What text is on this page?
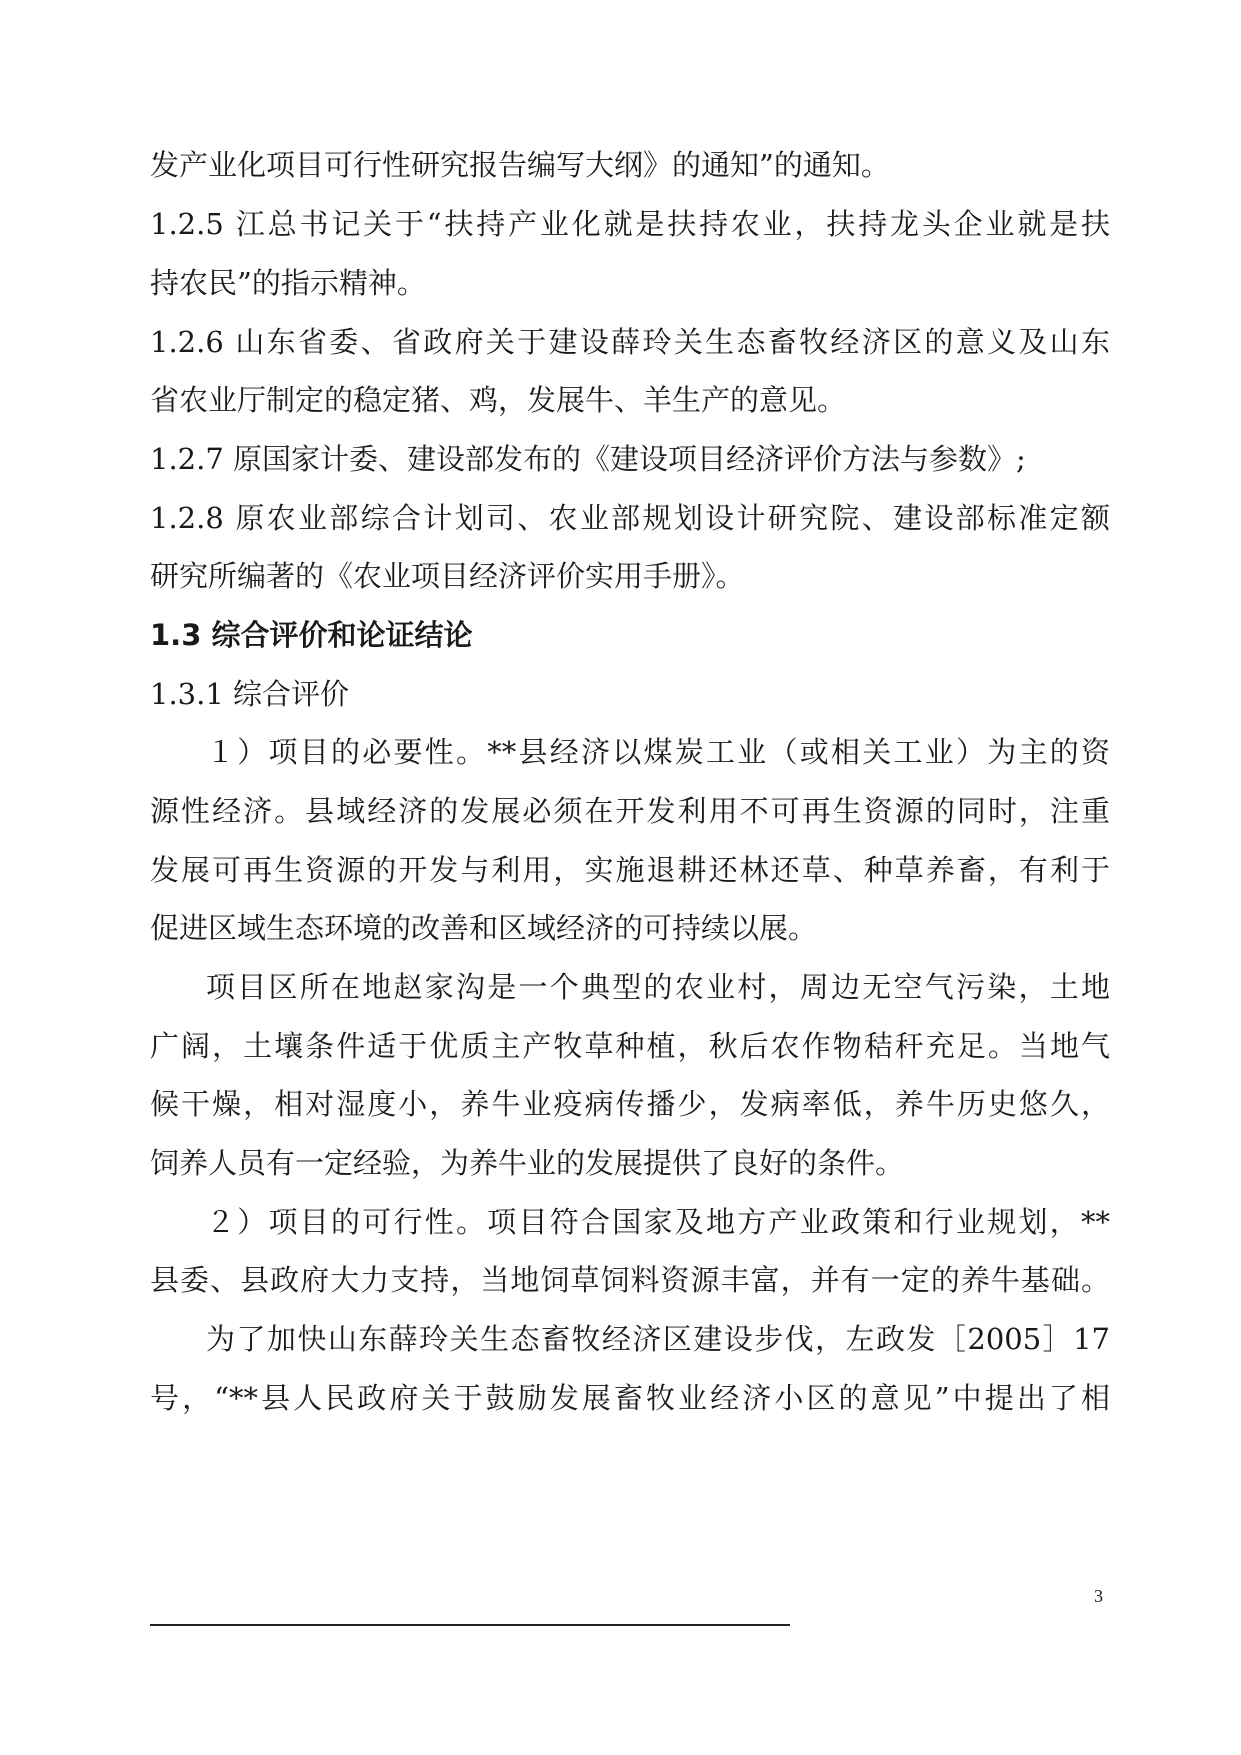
发产业化项目可行性研究报告编写大纲》的通知”的通知。
1.2.5 江总书记关于“扶持产业化就是扶持农业，扶持龙头企业就是扶
持农民”的指示精神。
1.2.6 山东省委、省政府关于建设薛玲关生态畜牧经济区的意义及山东
省农业厅制定的稳定猪、鸡，发展牛、羊生产的意见。
1.2.7 原国家计委、建设部发布的《建设项目经济评价方法与参数》;
1.2.8 原农业部综合计划司、农业部规划设计研究院、建设部标准定额
研究所编著的《农业项目经济评价实用手册》。
1.3 综合评价和论证结论
1.3.1 综合评价
１）项目的必要性。**县经济以煤炭工业（或相关工业）为主的资
源性经济。县域经济的发展必须在开发利用不可再生资源的同时，注重
发展可再生资源的开发与利用，实施退耕还林还草、种草养畜，有利于
促进区域生态环境的改善和区域经济的可持续以展。
项目区所在地赵家沟是一个典型的农业村，周边无空气污染，土地
广阔，土壤条件适于优质主产牧草种植，秋后农作物秸秆充足。当地气
候干燥，相对湿度小，养牛业疫病传播少，发病率低，养牛历史悠久，
饲养人员有一定经验，为养牛业的发展提供了良好的条件。
２）项目的可行性。项目符合国家及地方产业政策和行业规划，**
县委、县政府大力支持，当地饲草饲料资源丰富，并有一定的养牛基础。
为了加快山东薛玲关生态畜牧经济区建设步伐，左政发［2005］17
号，“**县人民政府关于鼓励发展畜牧业经济小区的意见”中提出了相
3
